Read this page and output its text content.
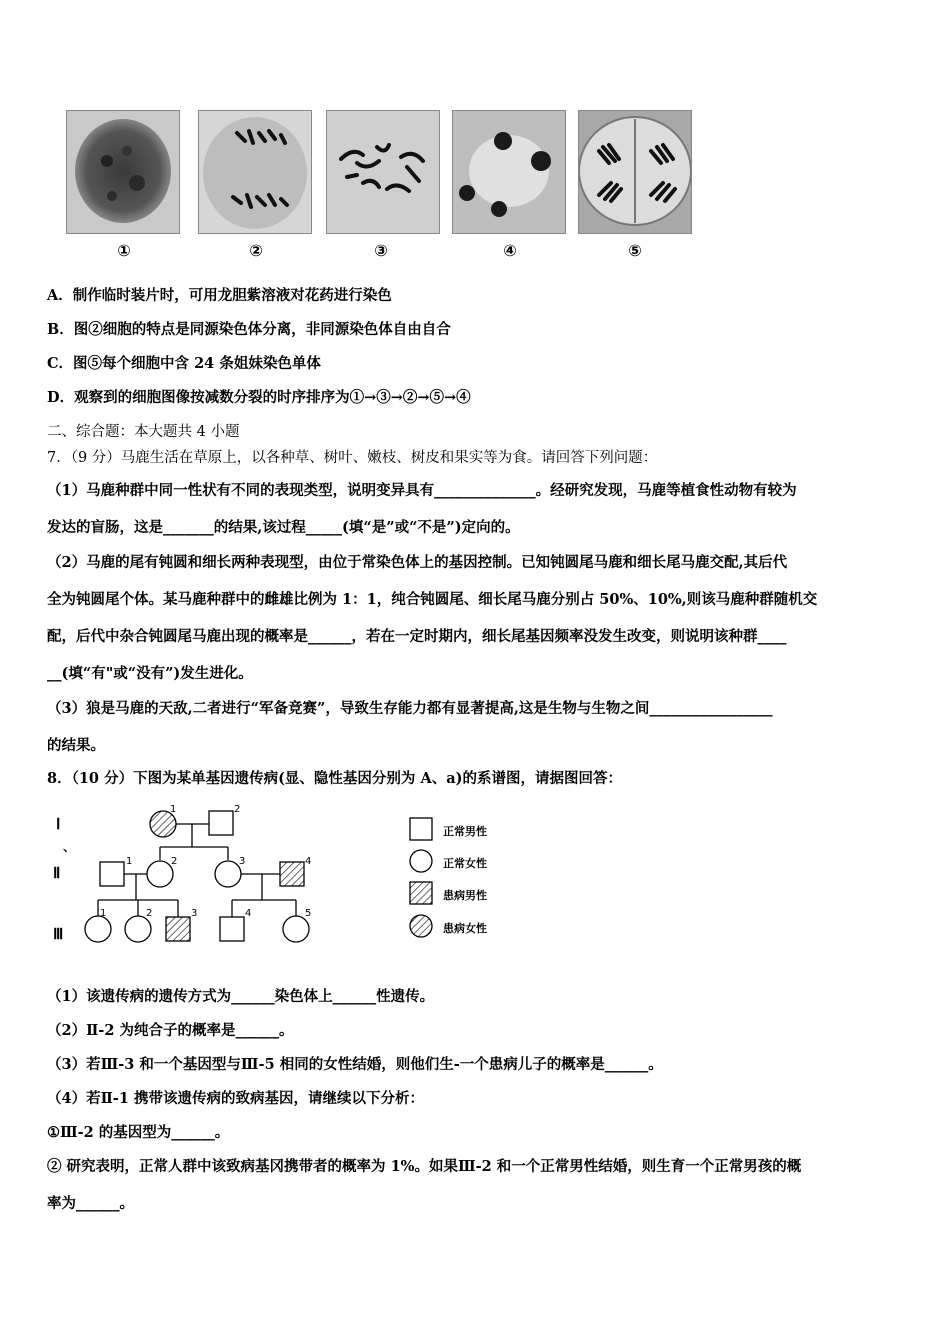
①	②	③	④	⑤
A．制作临时装片时，可用龙胆紫溶液对花药进行染色
B．图②细胞的特点是同源染色体分离，非同源染色体自由自合
C．图⑤每个细胞中含 24 条姐妹染色单体
D．观察到的细胞图像按减数分裂的时序排序为①→③→②→⑤→④
二、综合题：本大题共 4 小题
7．（9 分）马鹿生活在草原上，以各种草、树叶、嫩枝、树皮和果实等为食。请回答下列问题：
（1）马鹿种群中同一性状有不同的表现类型，说明变异具有______________。经研究发现，马鹿等植食性动物有较为
发达的盲肠，这是_______的结果,该过程_____(填“是”或“不是”)定向的。
（2）马鹿的尾有钝圆和细长两种表现型，由位于常染色体上的基因控制。已知钝圆尾马鹿和细长尾马鹿交配,其后代
全为钝圆尾个体。某马鹿种群中的雌雄比例为 1：1，纯合钝圆尾、细长尾马鹿分别占 50%、10%,则该马鹿种群随机交
配，后代中杂合钝圆尾马鹿出现的概率是______，若在一定时期内，细长尾基因频率没发生改变，则说明该种群____
__(填“有"或“没有”)发生进化。
（3）狼是马鹿的天敌,二者进行“军备竞赛”，导致生存能力都有显著提高,这是生物与生物之间_________________
的结果。
8．（10 分）下图为某单基因遗传病(显、隐性基因分别为 A、a)的系谱图，请据图回答：
Ⅰ
、
Ⅱ
Ⅲ
1	2
1	2	3	4
1	2	3	4	5
正常男性
正常女性
患病男性
患病女性
（1）该遗传病的遗传方式为______染色体上______性遗传。
（2）Ⅱ-2 为纯合子的概率是______。
（3）若Ⅲ-3 和一个基因型与Ⅲ-5 相同的女性结婚，则他们生-一个患病儿子的概率是______。
（4）若Ⅱ-1 携带该遗传病的致病基因，请继续以下分析：
①Ⅲ-2 的基因型为______。
② 研究表明，正常人群中该致病基冈携带者的概率为 1%。如果Ⅲ-2 和一个正常男性结婚，则生育一个正常男孩的概
率为______。
